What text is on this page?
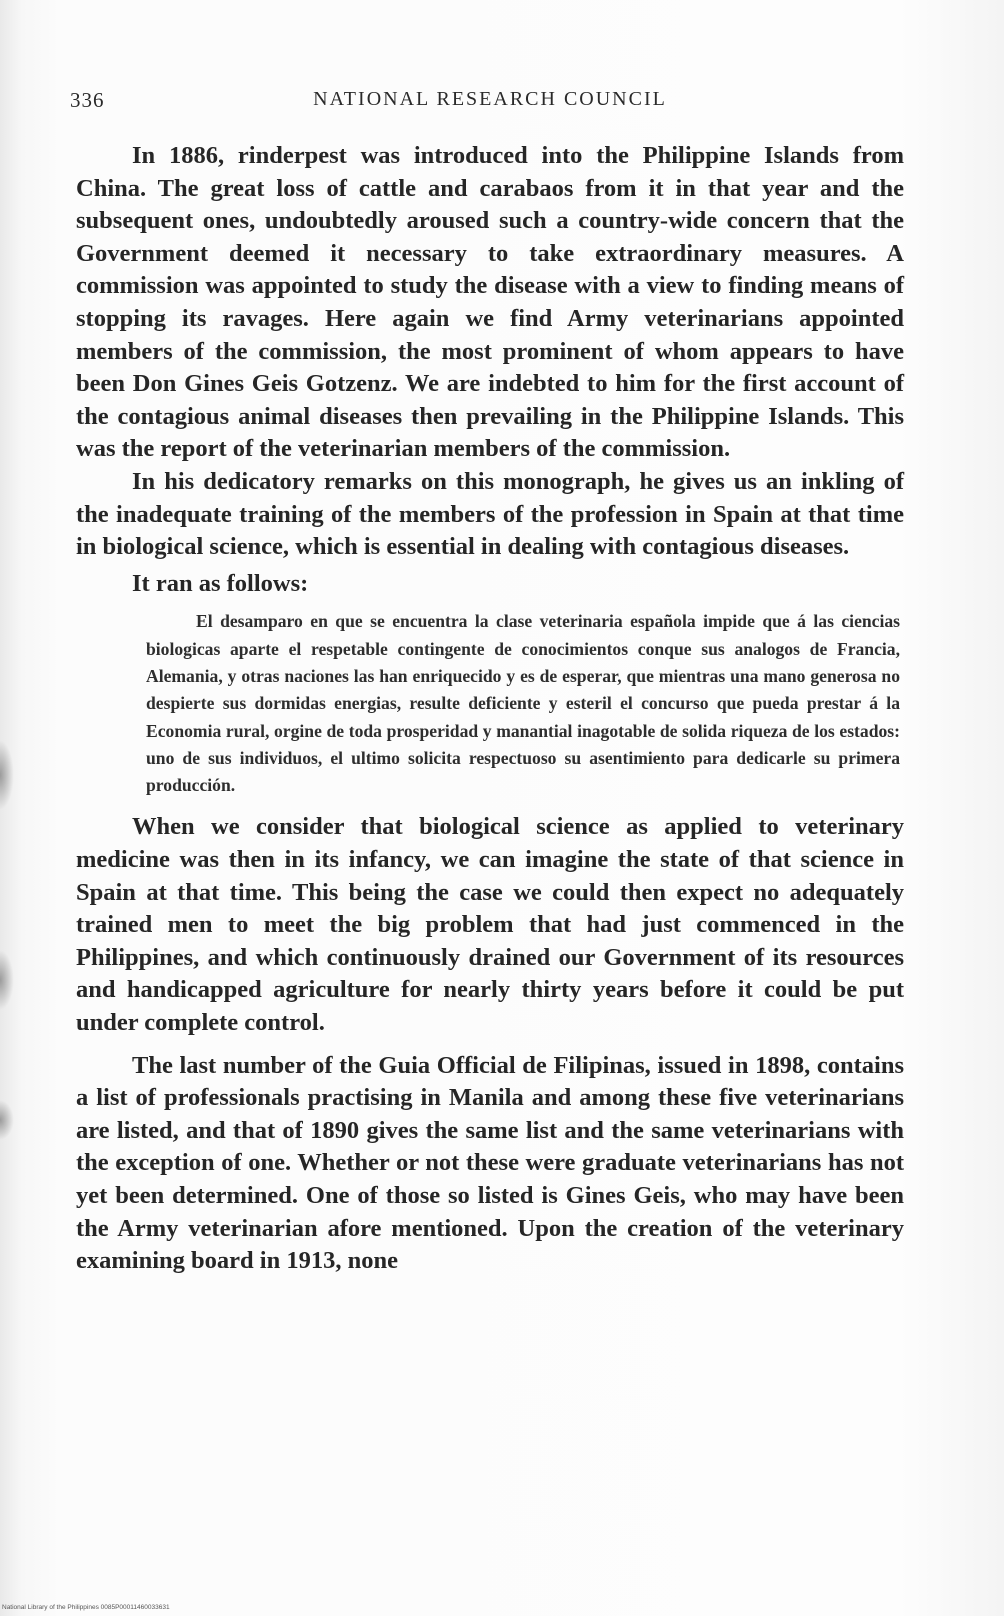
336	NATIONAL RESEARCH COUNCIL

In 1886, rinderpest was introduced into the Philippine Islands from China. The great loss of cattle and carabaos from it in that year and the subsequent ones, undoubtedly aroused such a country-wide concern that the Government deemed it necessary to take extraordinary measures. A commission was appointed to study the disease with a view to finding means of stopping its ravages. Here again we find Army veterinarians appointed members of the commission, the most prominent of whom appears to have been Don Gines Geis Gotzenz. We are indebted to him for the first account of the contagious animal diseases then prevailing in the Philippine Islands. This was the report of the veterinarian members of the commission.

In his dedicatory remarks on this monograph, he gives us an inkling of the inadequate training of the members of the profession in Spain at that time in biological science, which is essential in dealing with contagious diseases.

It ran as follows:

El desamparo en que se encuentra la clase veterinaria española impide que á las ciencias biologicas aparte el respetable contingente de conocimientos conque sus analogos de Francia, Alemania, y otras naciones las han enriquecido y es de esperar, que mientras una mano generosa no despierte sus dormidas energias, resulte deficiente y esteril el concurso que pueda prestar á la Economia rural, orgine de toda prosperidad y manantial inagotable de solida riqueza de los estados: uno de sus individuos, el ultimo solicita respectuoso su asentimiento para dedicarle su primera producción.

When we consider that biological science as applied to veterinary medicine was then in its infancy, we can imagine the state of that science in Spain at that time. This being the case we could then expect no adequately trained men to meet the big problem that had just commenced in the Philippines, and which continuously drained our Government of its resources and handicapped agriculture for nearly thirty years before it could be put under complete control.

The last number of the Guia Official de Filipinas, issued in 1898, contains a list of professionals practising in Manila and among these five veterinarians are listed, and that of 1890 gives the same list and the same veterinarians with the exception of one. Whether or not these were graduate veterinarians has not yet been determined. One of those so listed is Gines Geis, who may have been the Army veterinarian afore mentioned. Upon the creation of the veterinary examining board in 1913, none

National Library of the Philippines 0085P00011460033631
